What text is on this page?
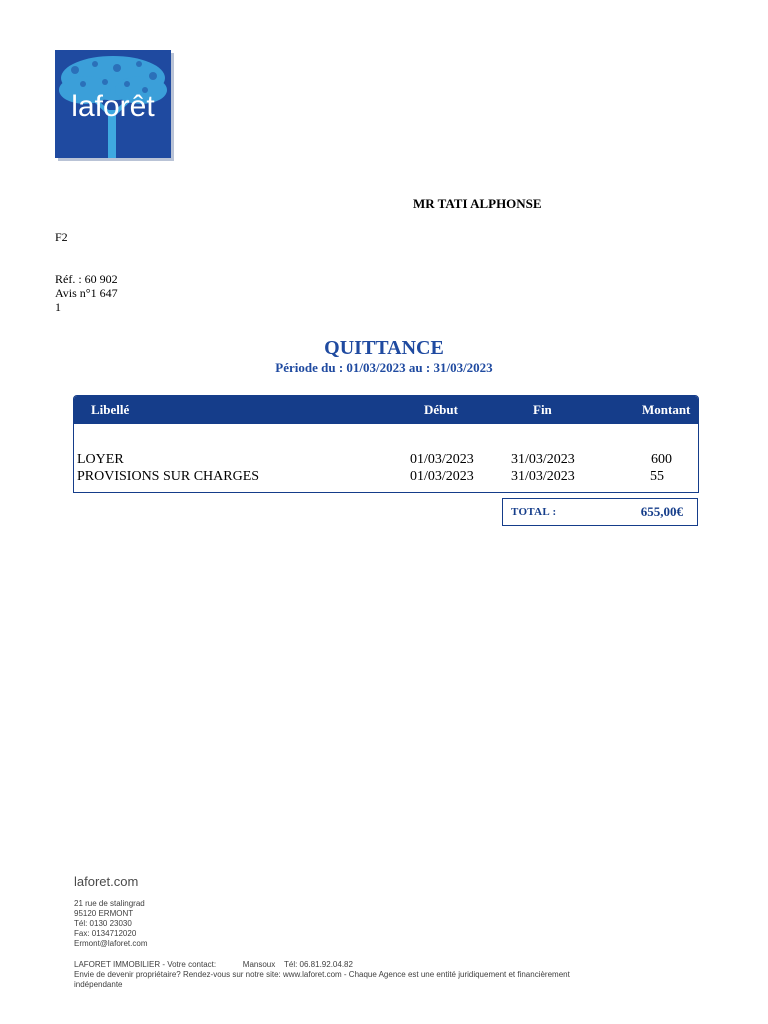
laforêt
MR TATI ALPHONSE
F2
Réf. : 60 902
Avis n°1 647
1
QUITTANCE
Période du : 01/03/2023 au : 31/03/2023
Libellé	Début	Fin	Montant
LOYER	01/03/2023	31/03/2023	600
PROVISIONS SUR CHARGES	01/03/2023	31/03/2023	55
TOTAL :	655,00€
laforet.com
21 rue de stalingrad
95120 ERMONT
Tél: 0130 23030
Fax: 0134712020
Ermont@laforet.com
LAFORET IMMOBILIER - Votre contact:            Mansoux    Tél: 06.81.92.04.82
Envie de devenir propriétaire? Rendez-vous sur notre site: www.laforet.com - Chaque Agence est une entité juridiquement et financièrement
indépendante
